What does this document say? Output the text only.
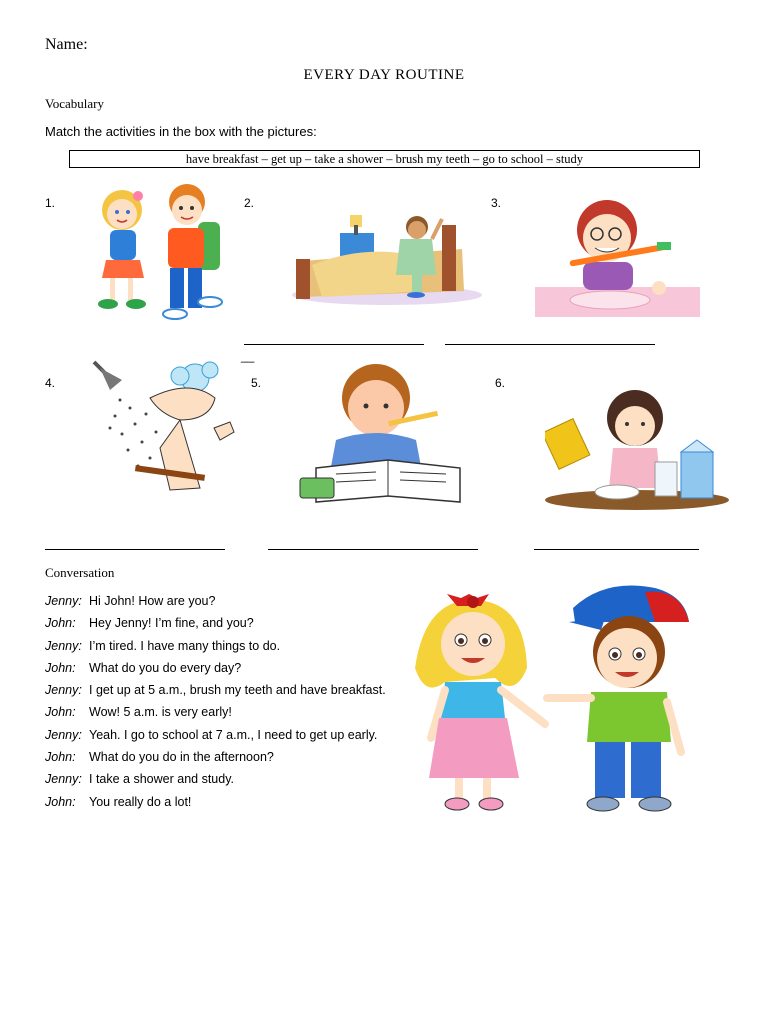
Name:
EVERY DAY ROUTINE
Vocabulary
Match the activities in the box with the pictures:
have breakfast – get up – take a shower – brush my teeth – go to school – study
1.	2.	3.
4.	5.	6.
__
Conversation
Jenny: Hi John! How are you?
John: Hey Jenny! I’m fine, and you?
Jenny: I’m tired. I have many things to do.
John: What do you do every day?
Jenny: I get up at 5 a.m., brush my teeth and have breakfast.
John: Wow! 5 a.m. is very early!
Jenny: Yeah. I go to school at 7 a.m., I need to get up early.
John: What do you do in the afternoon?
Jenny: I take a shower and study.
John: You really do a lot!
